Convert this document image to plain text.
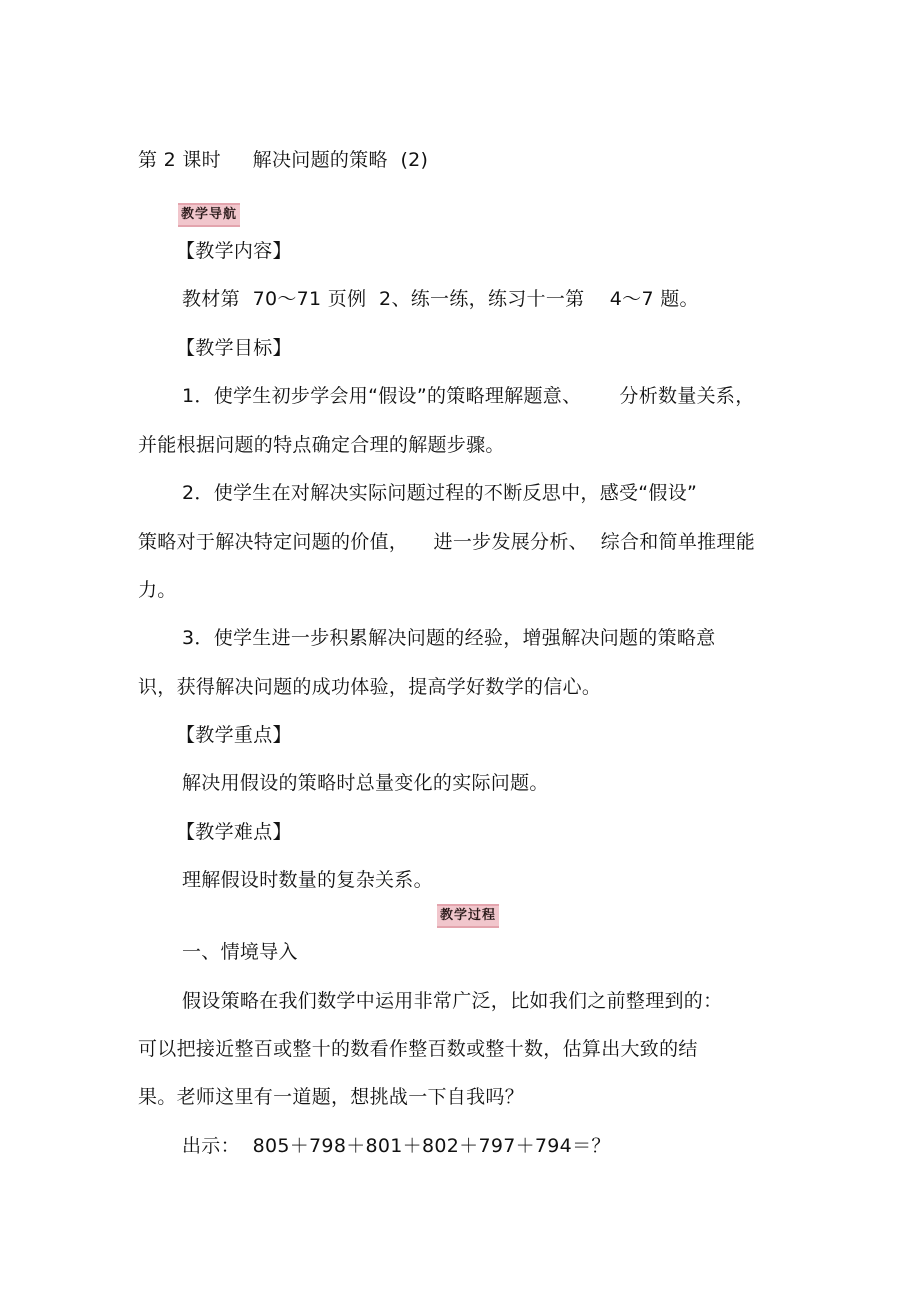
第 2 课时     解决问题的策略  (2)
教学导航
【教学内容】
教材第  70～71 页例  2、练一练，练习十一第    4～7 题。
【教学目标】
1．使学生初步学会用“假设”的策略理解题意、      分析数量关系，
并能根据问题的特点确定合理的解题步骤。
2．使学生在对解决实际问题过程的不断反思中，感受“假设”
策略对于解决特定问题的价值，    进一步发展分析、  综合和简单推理能
力。
3．使学生进一步积累解决问题的经验，增强解决问题的策略意
识，获得解决问题的成功体验，提高学好数学的信心。
【教学重点】
解决用假设的策略时总量变化的实际问题。
【教学难点】
理解假设时数量的复杂关系。
教学过程
一、情境导入
假设策略在我们数学中运用非常广泛，比如我们之前整理到的：
可以把接近整百或整十的数看作整百数或整十数，估算出大致的结
果。老师这里有一道题，想挑战一下自我吗？
出示：  805＋798＋801＋802＋797＋794＝？
